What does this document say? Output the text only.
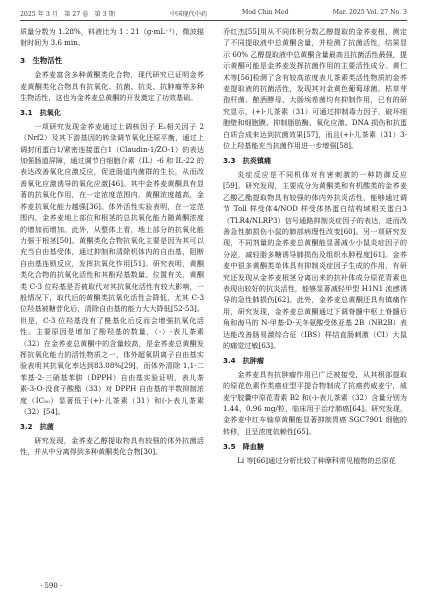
2025 年 3 月　第 27 卷　第 3 期	中国现代中药	Mod Chin Med	Mar. 2025 Vol. 27 No. 3

质量分数为 1.28%，料液比为 1∶21（g·mL⁻¹），微波辐射时间为 3.6 min。

3　生物活性

金荞麦富含多种黄酮类化合物，现代研究已证明金荞麦黄酮类化合物具有抗氧化、抗菌、抗炎、抗肿瘤等多种生物活性，这也为金荞麦总黄酮的开发奠定了功效基础。

3.1　抗氧化

一项研究发现金荞麦通过上调核因子 E₂相关因子 2（Nrf2）及其下游基因的转录调节氧化还原平衡，通过上调封闭蛋白1/紧密连接蛋白1（Claudin-1/ZO-1）的表达加强肠道屏障，通过调节白细胞介素（IL）-6 和 IL-22 的表达改善氧化应激反应，促进肠道内菌群的生长，从而改善氧化应激诱导的氧化应激[46]。其中金荞麦黄酮具有显著的抗氧化作用，在一定浓度范围内，黄酮浓度越高，金荞麦抗氧化能力越强[36]。体外活性实验表明，在一定范围内，金荞麦地上部位和根茎的总抗氧化能力随黄酮浓度的增加而增加。此外，从整体上看，地上部分的抗氧化能力强于根茎[50]。黄酮类化合物抗氧化主要是因为其可以充当自由基受体，通过抑制和清除机体内的自由基，阻断自由基连锁反应，发挥抗氧化作用[51]。研究表明，黄酮类化合物的抗氧化活性和其酚羟基数量、位置有关，黄酮类 C-3 位羟基是否被取代对其抗氧化活性有较大影响，一般情况下，取代后的黄酮类抗氧化活性会降低，尤其 C-3 位羟基被糖苷化后，清除自由基的能力大大降低[52-53]。但是，C-3 位羟基没有了酰基化后反而会增强抗氧化活性。主要原因是增加了酚羟基的数量，（-）-表儿茶素（32）在金荞麦总黄酮中的含量较高，是金荞麦总黄酮发挥抗氧化能力的活性物质之一，体外超氧阴离子自由基实验表明其抗氧化率达到83.08%[29]，而体外清除 1,1-二苯基-2-三硝基苯肼（DPPH）自由基实验证明，表儿茶素-3-O-没食子酸酯（33）对 DPPH 自由基的半数抑制浓度（IC₅₀）显著低于(+)-儿茶素（31）和(-)-表儿茶素（32）[54]。

3.2　抗菌

研究发现，金荞麦乙醇提取物具有较强的体外抗菌活性，并从中分离得到多种黄酮类化合物[30]。

乔红杰[55]用从不同体积分数乙醇提取的金荞麦根，测定了不同提取液中总黄酮含量，并检测了抗菌活性，结果显示 60% 乙醇提取液中总黄酮含量最高且抗菌活性最强，提示黄酮可能是金荞麦发挥抗菌作用的主要活性成分。黄仁术等[56]检测了含有较高浓度表儿茶素类活性物质的金荞麦提取液的抗菌活性，发现其对金黄色葡萄球菌、枯草芽孢杆菌、酿酒酵母、大肠埃希菌均有抑制作用，已有的研究显示，(+)-儿茶素（31）可通过抑制毒力因子，破坏细胞壁和细胞膜、抑制脂肪酶、氧化应激、DNA 损伤和抗蛋白质合成来达到抗菌效果[57]，而且(+)-儿茶素（31）3-位上羟基能充当抗菌作用进一步增强[58]。

3.3　抗炎镇痛

炎症反应是不同机体对有害刺激的一种防御反应[59]。研究发现，主要成分为黄酮类和有机酸类的金荞麦乙酸乙酯提取物具有较强的体内外抗炎活性，能够通过调节 Toll 样受体4/NOD 样受体热蛋白结构域相关蛋白3（TLR4/NLRP3）信号通路抑制炎症因子的表达，进而改善急性肺损伤小鼠的肺部病理性改变[60]。另一项研究发现，不同剂量的金荞麦总黄酮能显著减少小鼠炎症因子的分泌，减轻脂多糖诱导肺损伤及组织水肿程度[61]。金荞麦中很多黄酮类单体具有抑制炎症因子生成的作用，有研究还发现从金荞麦根茎分离出来的抗补体成分原花青素也表现出较好的抗炎活性，能够显著减轻甲型 H1N1 流感诱导的急性肺损伤[62]。此外，金荞麦总黄酮还具有镇痛作用，研究发现，金荞麦总黄酮通过下调脊髓中枢上脊髓后角和海马的 N-甲基-D-天冬氨酸受体亚基 2B（NR2B）表达能改善肠易激综合征（IBS）样结直肠刺激（CI）大鼠的痛觉过敏[63]。

3.4　抗肿瘤

金荞麦具有抗肿瘤作用已广泛被接受，从其根部提取的原花色素作类癌症型平提合物制成了抗癌药威麦宁，威麦宁胶囊中原花青素 B2 和(-)-表儿茶素（32）含量分别为 1.44、0.96 mg/粒，临床用于治疗肺癌[64]。研究发现，金荞麦中红车轴草黄酮能显著抑制胃癌 SGC7901 细胞的转移，且呈浓度依赖性[65]。

3.5　降血糖

Li 等[66]通过分析比较了种摩科常见植物的总原花

· 590 ·
